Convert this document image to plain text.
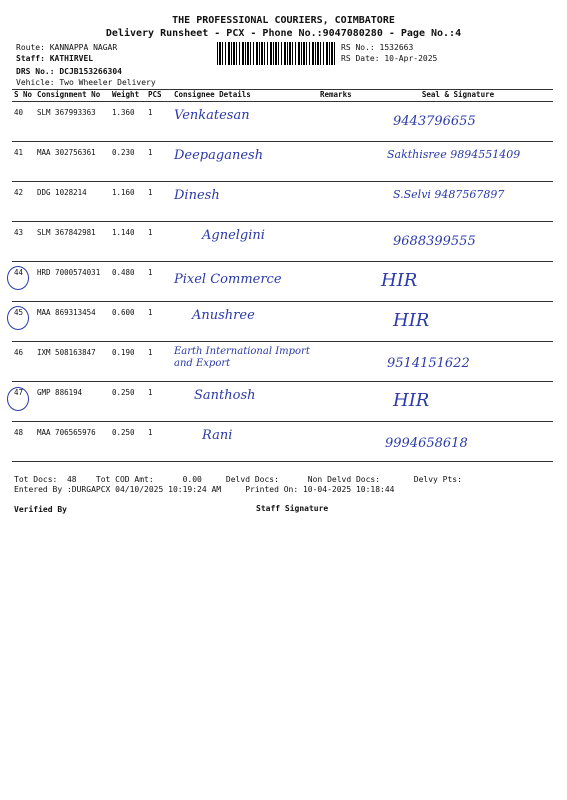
THE PROFESSIONAL COURIERS, COIMBATORE
Delivery Runsheet - PCX - Phone No.:9047080280 - Page No.:4
Route: KANNAPPA NAGAR
Staff: KATHIRVEL
DRS No.: DCJB153266304
Vehicle: Two Wheeler Delivery
RS No.: 1532663
RS Date: 10-Apr-2025
S No	Consignment No	Weight	PCS	Consignee Details	Remarks	Seal & Signature
40	SLM 367993363	1.360	1	Venkatesan		9443796655
41	MAA 302756361	0.230	1	Deepaganesh		Sakthisree 9894551409
42	DDG 1028214	1.160	1	Dinesh		S.Selvi 9487567897
43	SLM 367842981	1.140	1	Agnelgini		9688399555
44	HRD 7000574031	0.480	1	Pixel Commerce		HIR
45	MAA 869313454	0.600	1	Anushree		HIR
46	IXM 508163847	0.190	1	Earth International Import and Export		9514151622
47	GMP 886194	0.250	1	Santhosh		HIR
48	MAA 706565976	0.250	1	Rani		9994658618
Tot Docs:  48    Tot COD Amt:      0.00     Delvd Docs:      Non Delvd Docs:       Delvy Pts:
Entered By :DURGAPCX 04/10/2025 10:19:24 AM     Printed On: 10-04-2025 10:18:44
Verified By	Staff Signature
